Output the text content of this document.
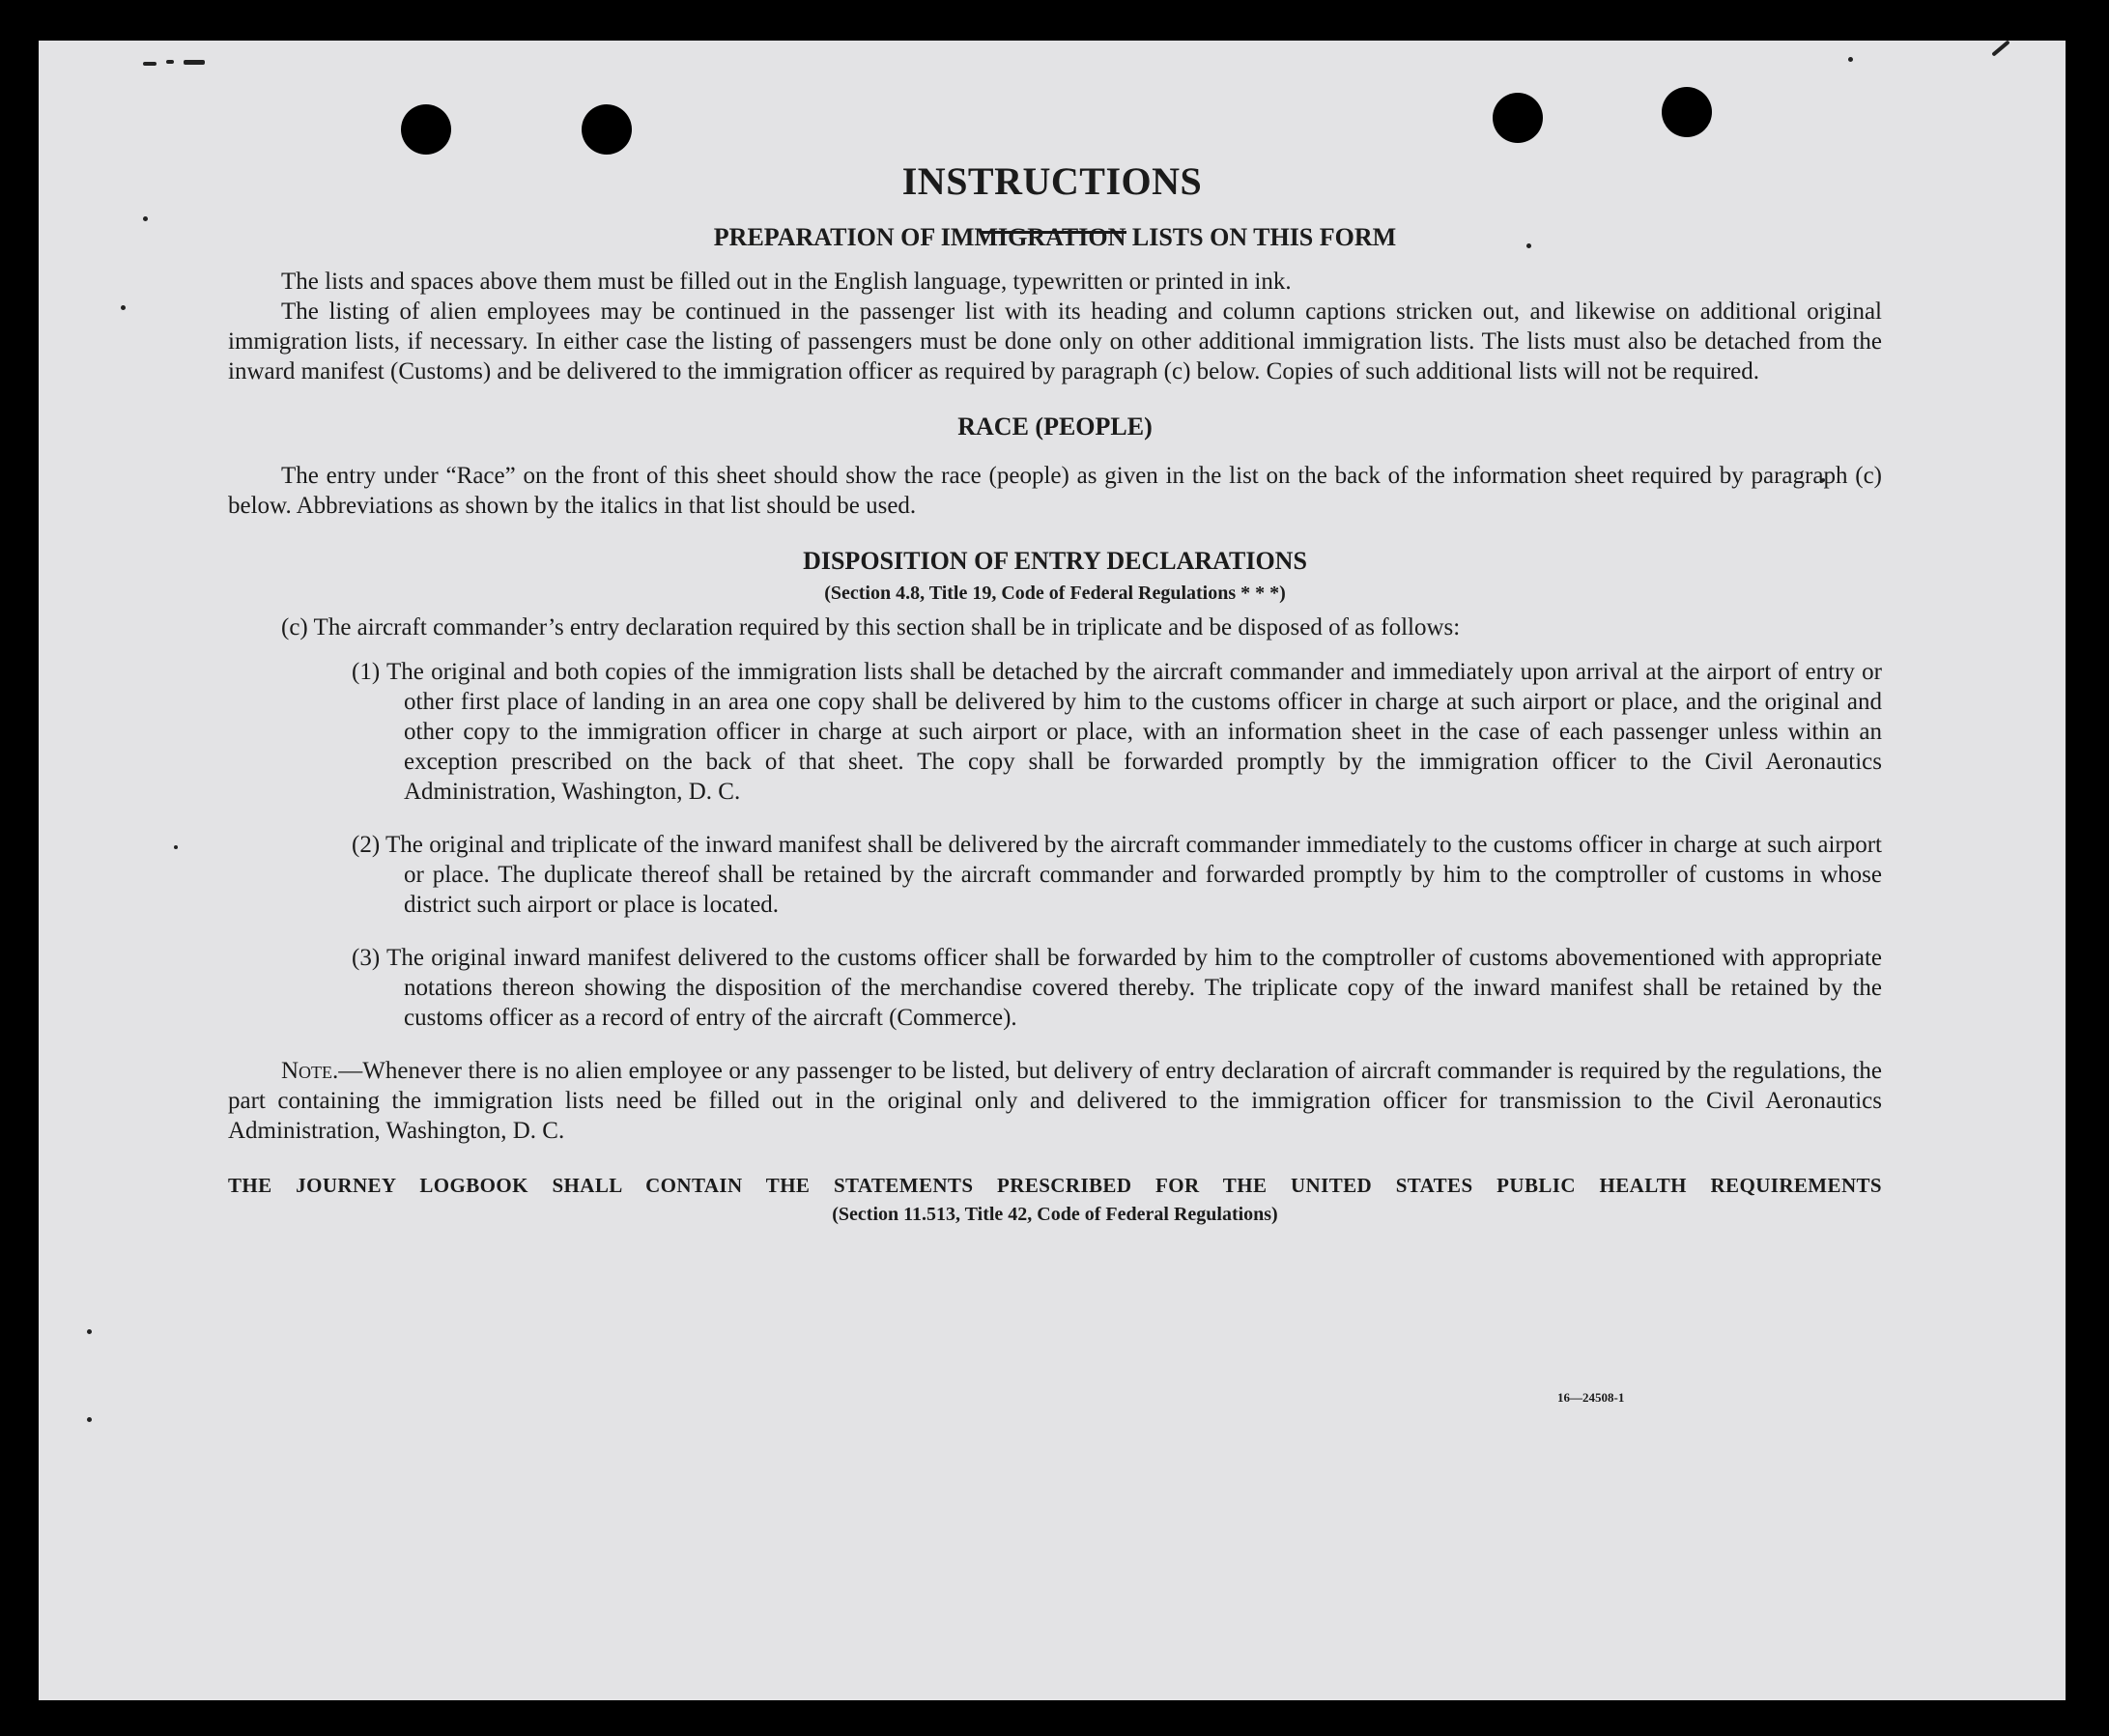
INSTRUCTIONS
16—24508-1

PREPARATION OF IMMIGRATION LISTS ON THIS FORM

The lists and spaces above them must be filled out in the English language, typewritten or printed in ink.

The listing of alien employees may be continued in the passenger list with its heading and column captions stricken out, and likewise on additional original immigration lists, if necessary. In either case the listing of passengers must be done only on other additional immigration lists. The lists must also be detached from the inward manifest (Customs) and be delivered to the immigration officer as required by paragraph (c) below. Copies of such additional lists will not be required.

RACE (PEOPLE)

The entry under “Race” on the front of this sheet should show the race (people) as given in the list on the back of the information sheet required by paragraph (c) below. Abbreviations as shown by the italics in that list should be used.

DISPOSITION OF ENTRY DECLARATIONS

(Section 4.8, Title 19, Code of Federal Regulations * * *)

(c) The aircraft commander’s entry declaration required by this section shall be in triplicate and be disposed of as follows:

(1) The original and both copies of the immigration lists shall be detached by the aircraft commander and immediately upon arrival at the airport of entry or other first place of landing in an area one copy shall be delivered by him to the customs officer in charge at such airport or place, and the original and other copy to the immigration officer in charge at such airport or place, with an information sheet in the case of each passenger unless within an exception prescribed on the back of that sheet. The copy shall be forwarded promptly by the immigration officer to the Civil Aeronautics Administration, Washington, D. C.

(2) The original and triplicate of the inward manifest shall be delivered by the aircraft commander immediately to the customs officer in charge at such airport or place. The duplicate thereof shall be retained by the aircraft commander and forwarded promptly by him to the comptroller of customs in whose district such airport or place is located.

(3) The original inward manifest delivered to the customs officer shall be forwarded by him to the comptroller of customs abovementioned with appropriate notations thereon showing the disposition of the merchandise covered thereby. The triplicate copy of the inward manifest shall be retained by the customs officer as a record of entry of the aircraft (Commerce).

Note.—Whenever there is no alien employee or any passenger to be listed, but delivery of entry declaration of aircraft commander is required by the regulations, the part containing the immigration lists need be filled out in the original only and delivered to the immigration officer for transmission to the Civil Aeronautics Administration, Washington, D. C.

THE JOURNEY LOGBOOK SHALL CONTAIN THE STATEMENTS PRESCRIBED FOR THE UNITED STATES PUBLIC HEALTH REQUIREMENTS

(Section 11.513, Title 42, Code of Federal Regulations)
